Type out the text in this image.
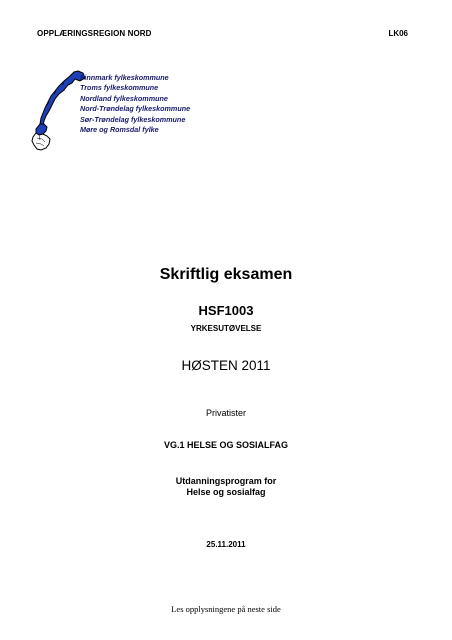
OPPLÆRINGSREGION NORD	LK06
Finnmark fylkeskommune
Troms fylkeskommune
Nordland fylkeskommune
Nord-Trøndelag fylkeskommune
Sør-Trøndelag fylkeskommune
Møre og Romsdal fylke
Skriftlig eksamen
HSF1003
YRKESUTØVELSE
HØSTEN 2011
Privatister
VG.1 HELSE OG SOSIALFAG
Utdanningsprogram for
Helse og sosialfag
25.11.2011
Les opplysningene på neste side
